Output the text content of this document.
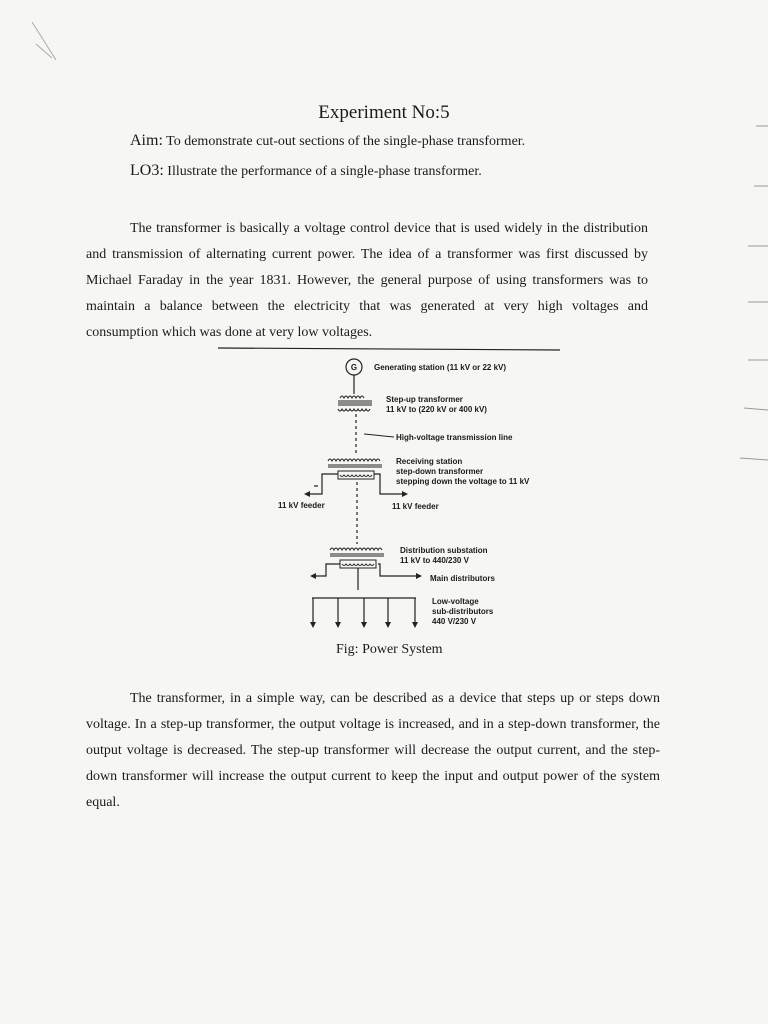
Experiment No:5
Aim: To demonstrate cut-out sections of the single-phase transformer.
LO3: Illustrate the performance of a single-phase transformer.
The transformer is basically a voltage control device that is used widely in the distribution and transmission of alternating current power. The idea of a transformer was first discussed by Michael Faraday in the year 1831. However, the general purpose of using transformers was to maintain a balance between the electricity that was generated at very high voltages and consumption which was done at very low voltages.
G Generating station (11 kV or 22 kV)
Step-up transformer
11 kV to (220 kV or 400 kV)
High-voltage transmission line
Receiving station
step-down transformer
stepping down the voltage to 11 kV
11 kV feeder	11 kV feeder
Distribution substation
11 kV to 440/230 V
Main distributors
Low-voltage
sub-distributors
440 V/230 V
Fig: Power System
The transformer, in a simple way, can be described as a device that steps up or steps down voltage. In a step-up transformer, the output voltage is increased, and in a step-down transformer, the output voltage is decreased. The step-up transformer will decrease the output current, and the step-down transformer will increase the output current to keep the input and output power of the system equal.
